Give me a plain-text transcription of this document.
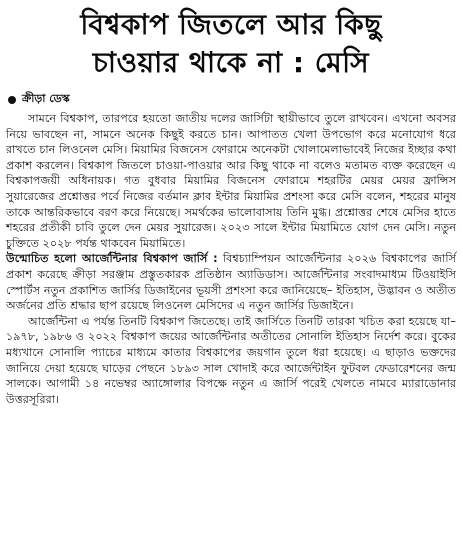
বিশ্বকাপ জিতলে আর কিছু
চাওয়ার থাকে না : মেসি
ক্রীড়া ডেস্ক

সামনে বিশ্বকাপ, তারপরে হয়তো জাতীয় দলের জার্সিটা স্থায়ীভাবে তুলে রাখবেন। এখনো অবসর নিয়ে ভাবছেন না, সামনে অনেক কিছুই করতে চান। আপাতত খেলা উপভোগ করে মনোযোগ ধরে রাখতে চান লিওনেল মেসি। মিয়ামির বিজনেস ফোরামে অনেকটা খোলামেলাভাবেই নিজের ইচ্ছার কথা প্রকাশ করলেন। বিশ্বকাপ জিতলে চাওয়া-পাওয়ার আর কিছু থাকে না বলেও মতামত ব্যক্ত করেছেন এ বিশ্বকাপজয়ী অধিনায়ক। গত বুধবার মিয়ামির বিজনেস ফোরামে শহরটির মেয়র মেয়র ফ্রান্সিস সুয়ারেজের প্রশ্নোত্তর পর্বে নিজের বর্তমান ক্লাব ইন্টার মিয়ামির প্রশংসা করে মেসি বলেন, শহরের মানুষ তাকে আন্তরিকভাবে বরণ করে নিয়েছে। সমর্থকের ভালোবাসায় তিনি মুগ্ধ। প্রশ্নোত্তর শেষে মেসির হাতে শহরের প্রতীকী চাবি তুলে দেন মেয়র সুয়ারেজ। ২০২৩ সালে ইন্টার মিয়ামিতে যোগ দেন মেসি। নতুন চুক্তিতে ২০২৮ পর্যন্ত থাকবেন মিয়ামিতে।

উন্মোচিত হলো আর্জেন্টিনার বিশ্বকাপ জার্সি : বিশ্বচ্যাম্পিয়ন আর্জেন্টিনার ২০২৬ বিশ্বকাপের জার্সি প্রকাশ করেছে ক্রীড়া সরঞ্জাম প্রস্তুতকারক প্রতিষ্ঠান অ্যাডিডাস। আর্জেন্টিনার সংবাদমাধ্যম টিওয়াইসি স্পোর্টস নতুন প্রকাশিত জার্সির ডিজাইনের ভূয়সী প্রশংসা করে জানিয়েছে– ইতিহাস, উদ্ভাবন ও অতীত অর্জনের প্রতি শ্রদ্ধার ছাপ রয়েছে লিওনেল মেসিদের এ নতুন জার্সির ডিজাইনে।

আর্জেন্টিনা এ পর্যন্ত তিনটি বিশ্বকাপ জিতেছে। তাই জার্সিতে তিনটি তারকা খচিত করা হয়েছে যা– ১৯৭৮, ১৯৮৬ ও ২০২২ বিশ্বকাপ জয়ের আর্জেন্টিনার অতীতের সোনালি ইতিহাস নির্দেশ করে। বুকের মধ্যখানে সোনালি প্যাচের মাধ্যমে কাতার বিশ্বকাপের জয়গান তুলে ধরা হয়েছে। এ ছাড়াও ভক্তদের জানিয়ে দেয়া হয়েছে ঘাড়ের পেছনে ১৮৯৩ সাল খোদাই করে আর্জেন্টাইন ফুটবল ফেডারেশনের জন্ম সালকে। আগামী ১৪ নভেম্বর অ্যাঙ্গোলার বিপক্ষে নতুন এ জার্সি পরেই খেলতে নামবে ম্যারাডোনার উত্তরসূরিরা।
